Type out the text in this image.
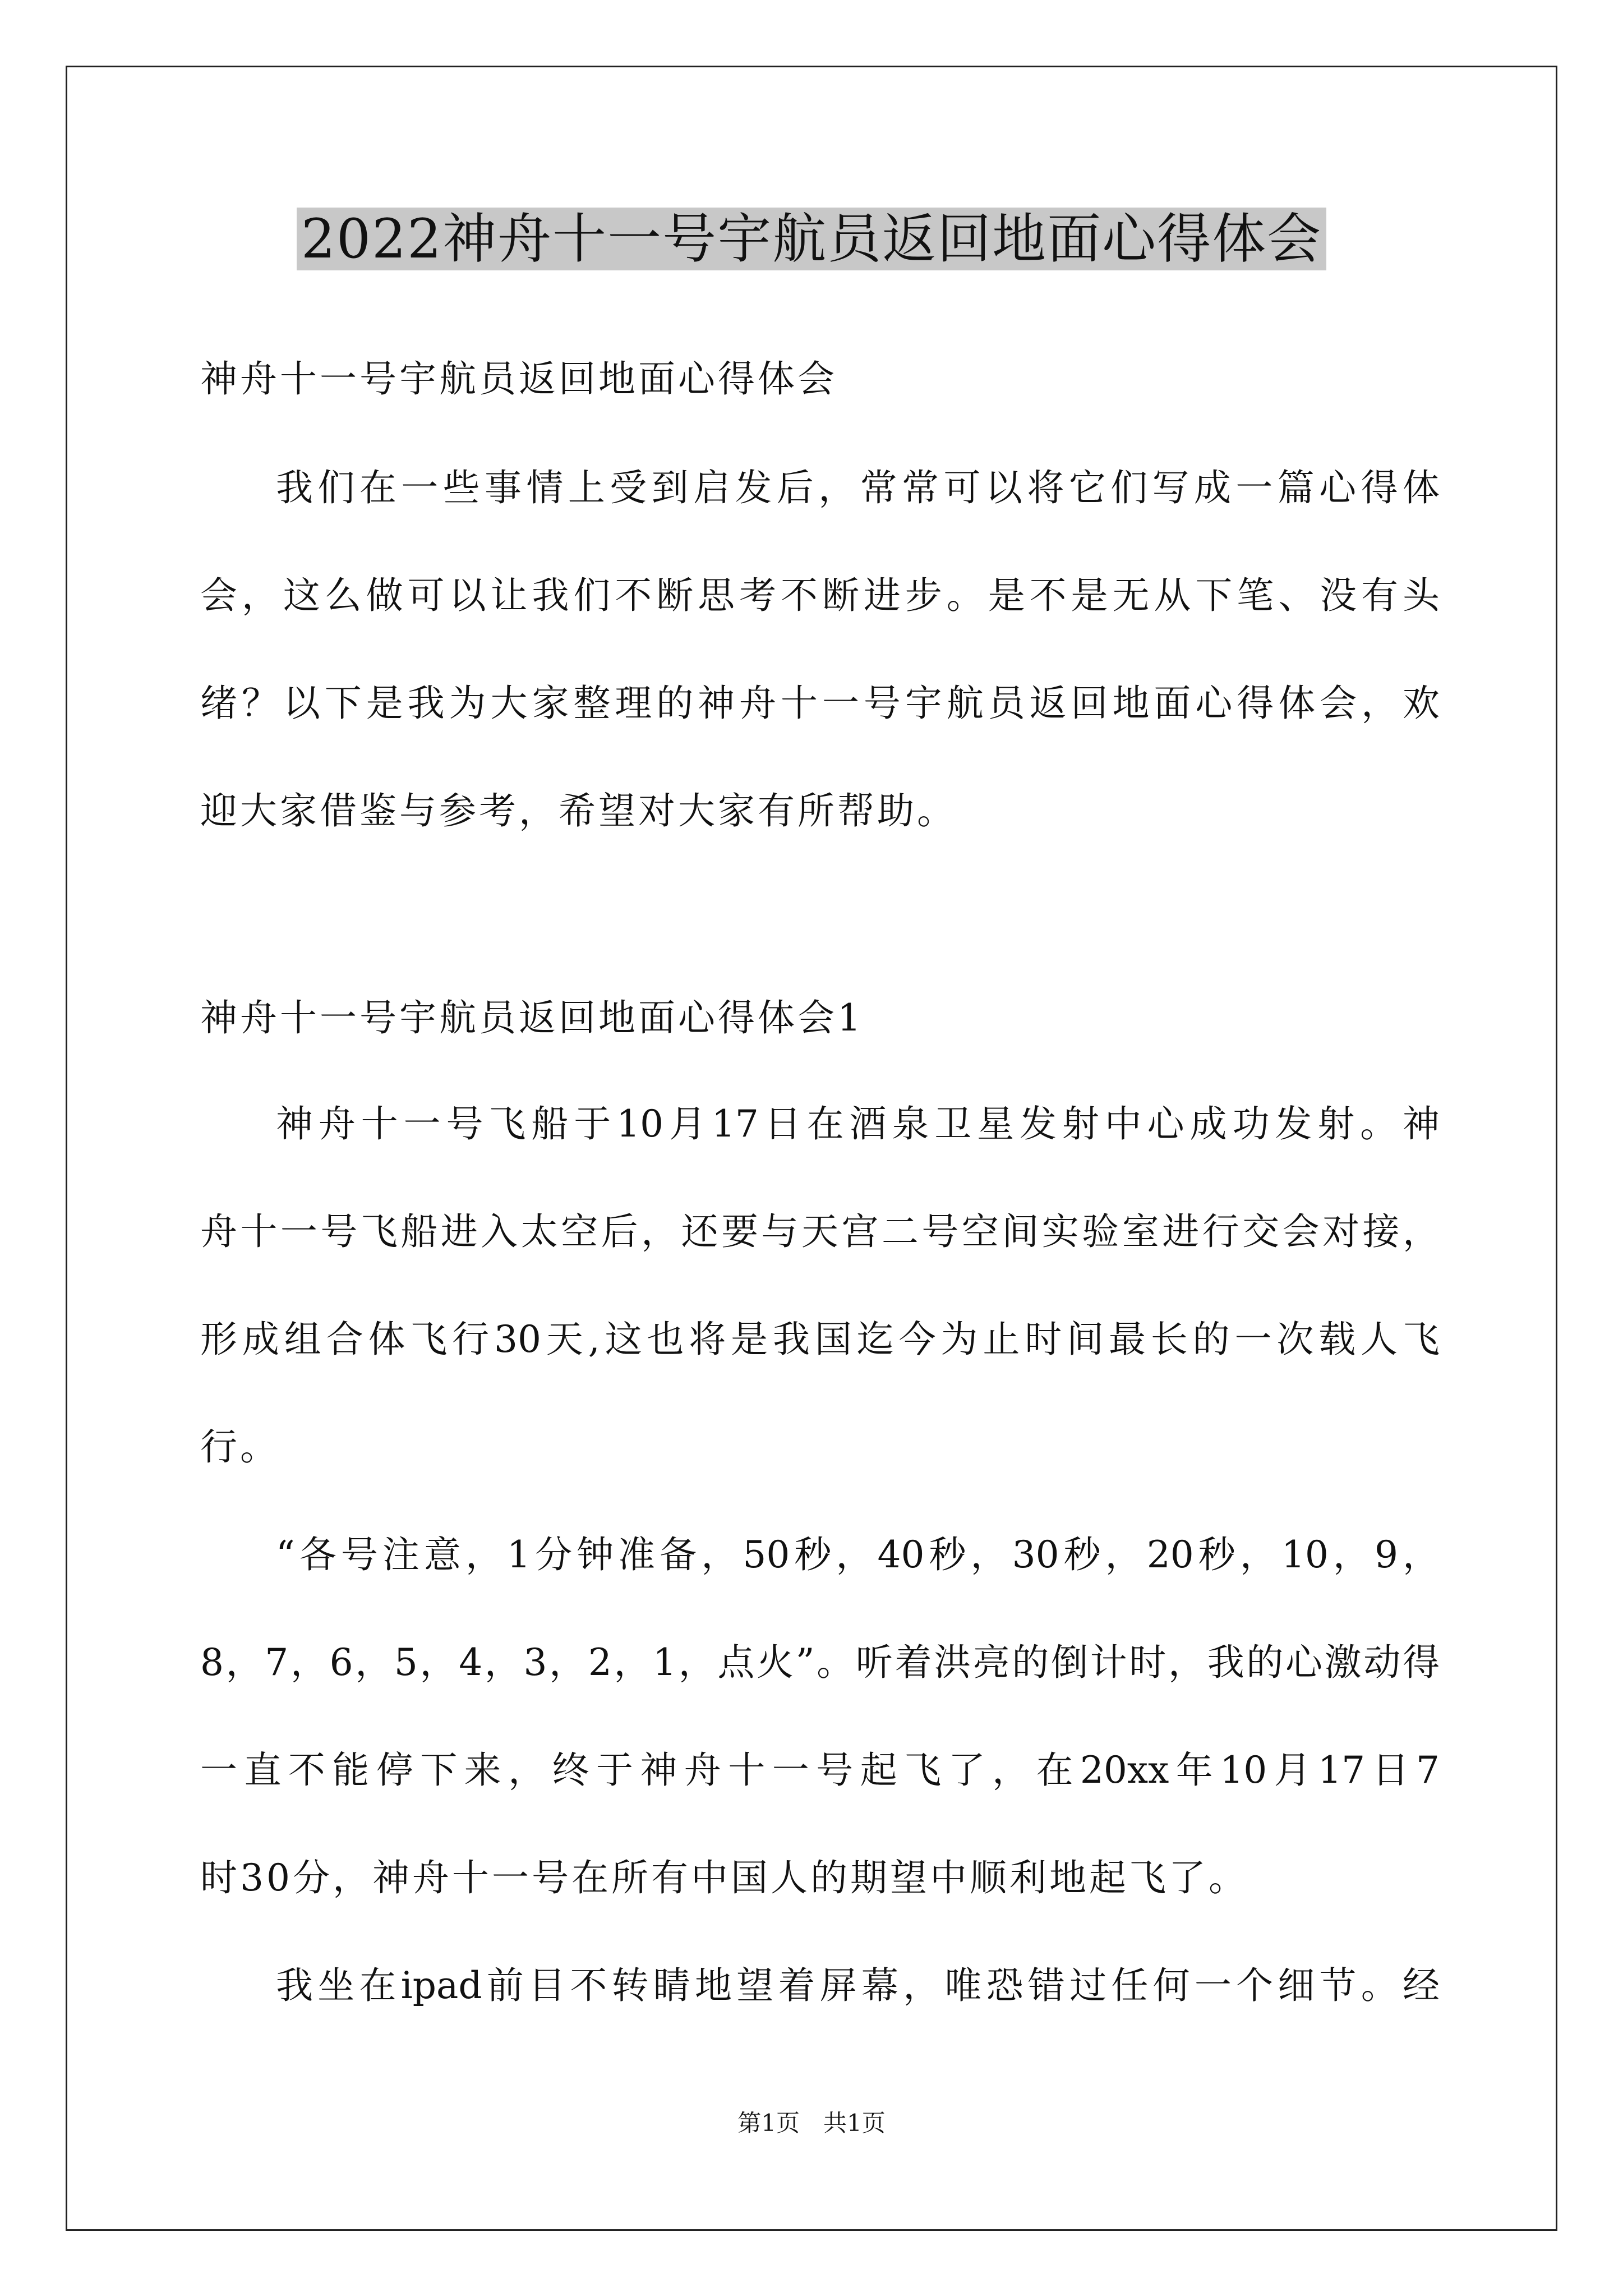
2022神舟十一号宇航员返回地面心得体会
神舟十一号宇航员返回地面心得体会
我们在一些事情上受到启发后，常常可以将它们写成一篇心得体
会，这么做可以让我们不断思考不断进步。是不是无从下笔、没有头
绪？以下是我为大家整理的神舟十一号宇航员返回地面心得体会，欢
迎大家借鉴与参考，希望对大家有所帮助。
神舟十一号宇航员返回地面心得体会1
神舟十一号飞船于10月17日在酒泉卫星发射中心成功发射。神
舟十一号飞船进入太空后，还要与天宫二号空间实验室进行交会对接，
形成组合体飞行30天,这也将是我国迄今为止时间最长的一次载人飞
行。
“各号注意，1分钟准备，50秒，40秒，30秒，20秒，10，9，
8，7，6，5，4，3，2，1，点火”。听着洪亮的倒计时，我的心激动得
一直不能停下来，终于神舟十一号起飞了，在20xx年10月17日7
时30分，神舟十一号在所有中国人的期望中顺利地起飞了。
我坐在ipad前目不转睛地望着屏幕，唯恐错过任何一个细节。经
第1页　共1页
